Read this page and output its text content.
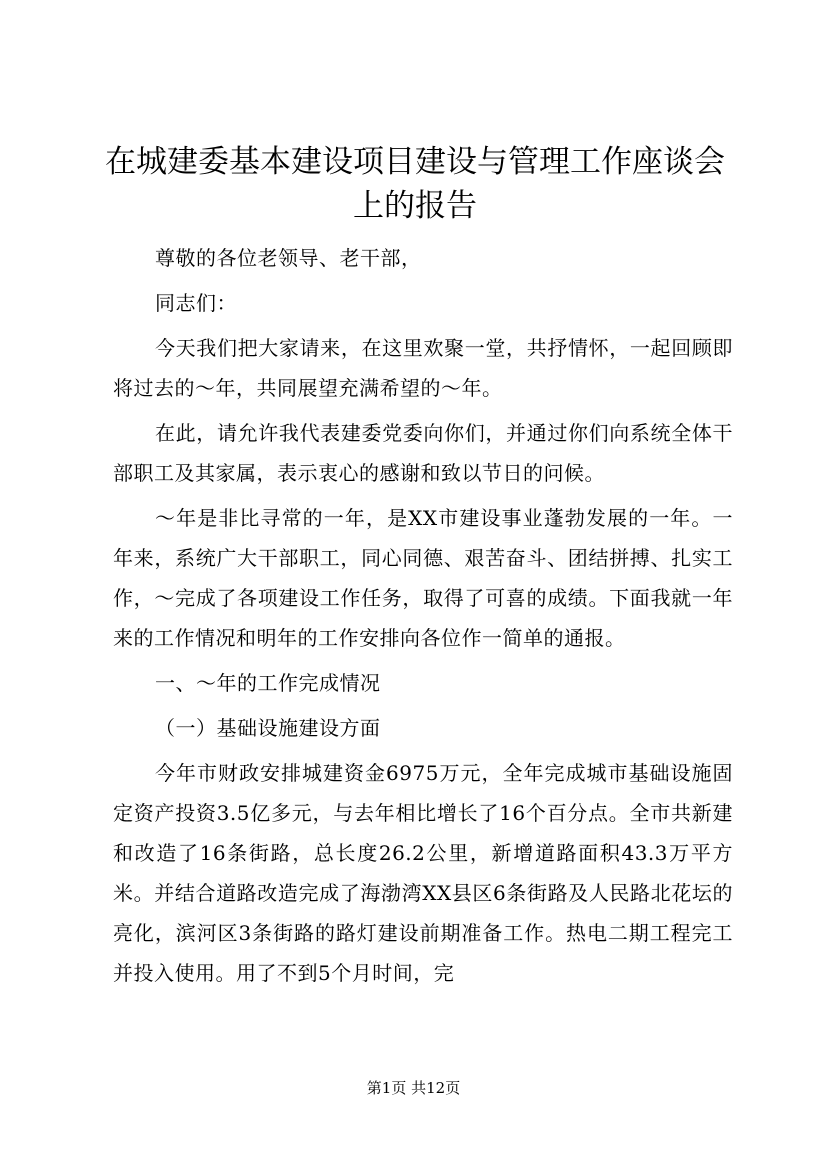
在城建委基本建设项目建设与管理工作座谈会上的报告

尊敬的各位老领导、老干部，

同志们：

今天我们把大家请来，在这里欢聚一堂，共抒情怀，一起回顾即将过去的～年，共同展望充满希望的～年。

在此，请允许我代表建委党委向你们，并通过你们向系统全体干部职工及其家属，表示衷心的感谢和致以节日的问候。

～年是非比寻常的一年，是XX市建设事业蓬勃发展的一年。一年来，系统广大干部职工，同心同德、艰苦奋斗、团结拼搏、扎实工作，～完成了各项建设工作任务，取得了可喜的成绩。下面我就一年来的工作情况和明年的工作安排向各位作一简单的通报。

一、～年的工作完成情况

（一）基础设施建设方面

今年市财政安排城建资金6975万元，全年完成城市基础设施固定资产投资3.5亿多元，与去年相比增长了16个百分点。全市共新建和改造了16条街路，总长度26.2公里，新增道路面积43.3万平方米。并结合道路改造完成了海渤湾XX县区6条街路及人民路北花坛的亮化，滨河区3条街路的路灯建设前期准备工作。热电二期工程完工并投入使用。用了不到5个月时间，完

第1页 共12页
